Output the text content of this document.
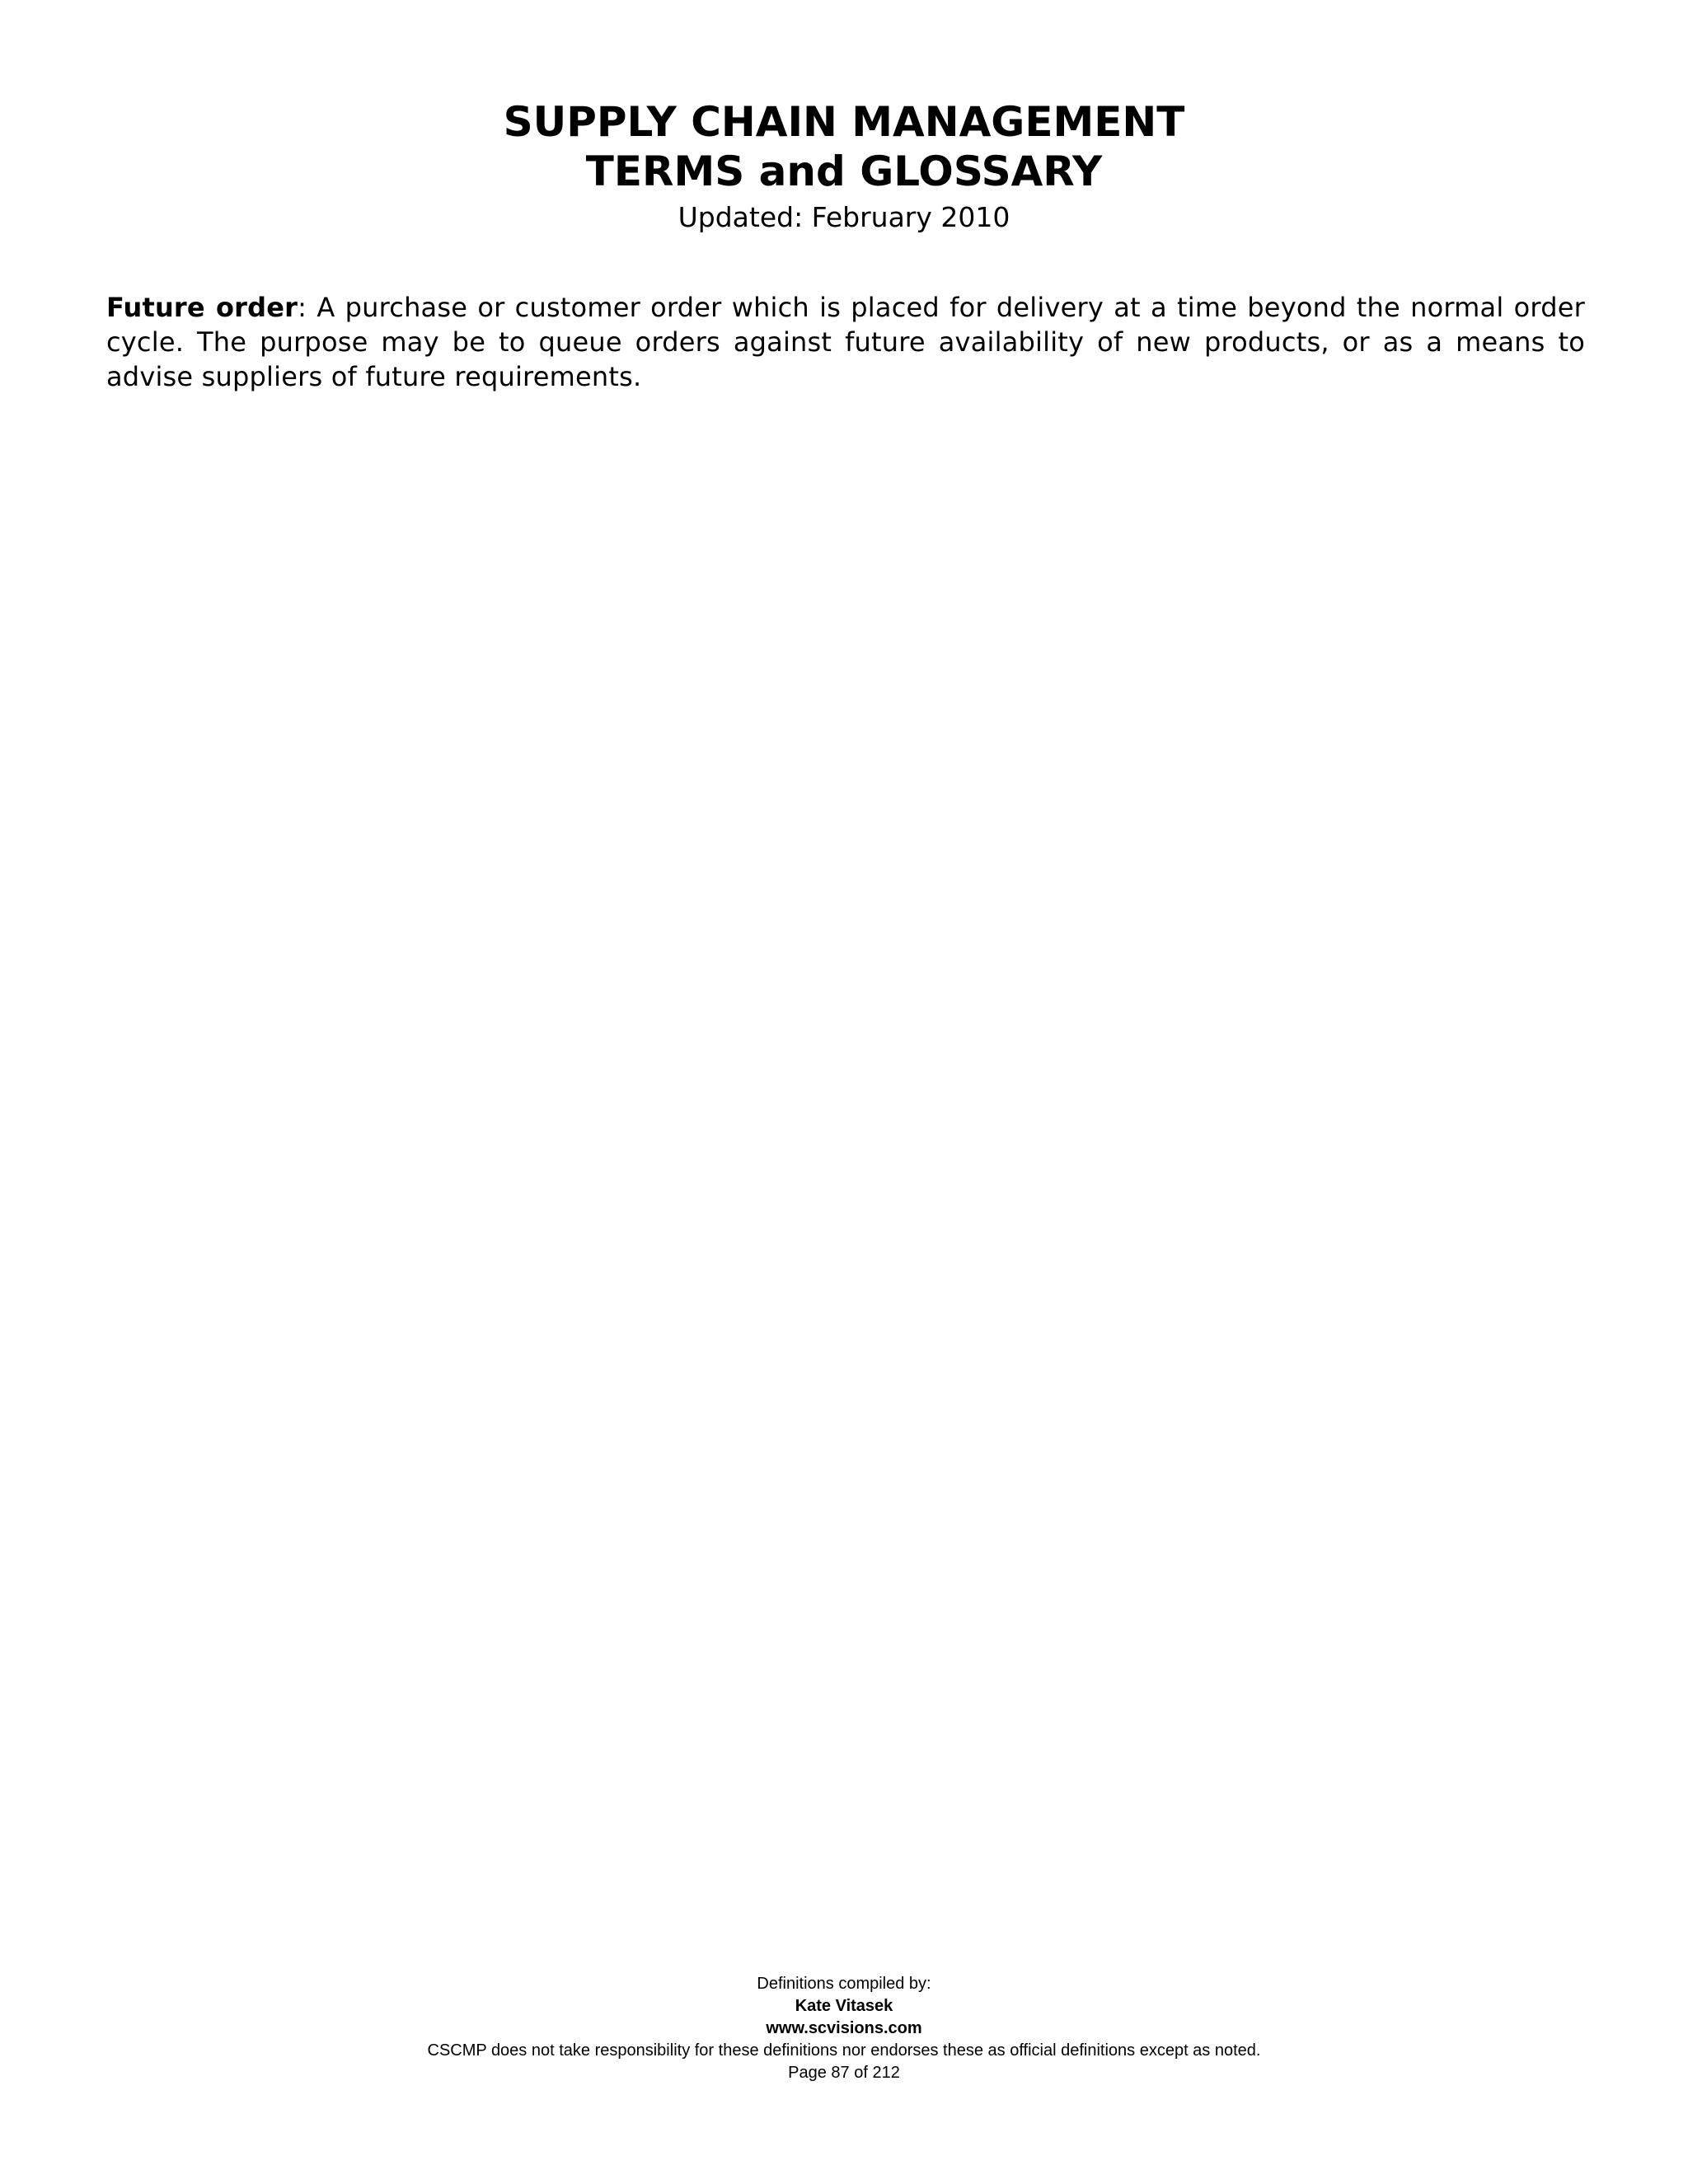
SUPPLY CHAIN MANAGEMENT
TERMS and GLOSSARY
Updated: February 2010
Future order: A purchase or customer order which is placed for delivery at a time beyond the normal order cycle. The purpose may be to queue orders against future availability of new products, or as a means to advise suppliers of future requirements.
Definitions compiled by:
Kate Vitasek
www.scvisions.com
CSCMP does not take responsibility for these definitions nor endorses these as official definitions except as noted.
Page 87 of 212
